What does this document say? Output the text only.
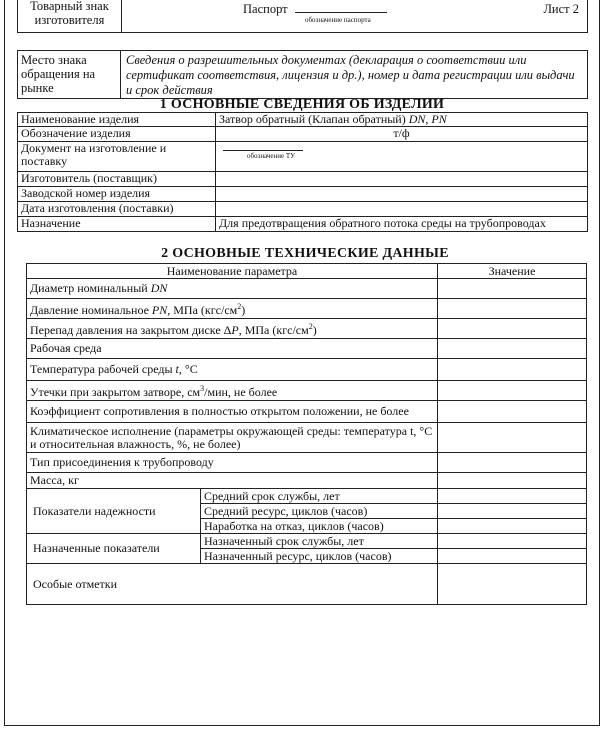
Товарный знак изготовителя	
Паспорт
обозначение паспорта
	Лист 2
Место знака обращения на рынке	Сведения о разрешительных документах (декларация о соответствии или сертификат соответствия, лицензия и др.), номер и дата регистрации или выдачи и срок действия
1 ОСНОВНЫЕ СВЕДЕНИЯ ОБ ИЗДЕЛИИ
Наименование изделия	Затвор обратный (Клапан обратный) DN, PN
Обозначение изделия	т/ф
Документ на изготовление и поставку	обозначение ТУ

Изготовитель (поставщик)	
Заводской номер изделия	
Дата изготовления (поставки)	
Назначение	Для предотвращения обратного потока среды на трубопроводах
2 ОСНОВНЫЕ ТЕХНИЧЕСКИЕ ДАННЫЕ
Наименование параметра		Значение
Диаметр номинальный DN		
Давление номинальное PN, МПа $(кгс/см^2)$		
Перепад давления на закрытом диске ΔP, МПа $(кгс/см^2)$		
Рабочая среда		
Температура рабочей среды t, °С		
Утечки при закрытом затворе, $см^3$/мин, не более		
Коэффициент сопротивления в полностью открытом положении, не более		
Климатическое исполнение (параметры окружающей среды: температура t, °С и относительная влажность, %, не более)		
Тип присоединения к трубопроводу		
Масса, кг		
Показатели надежности	Средний срок службы, лет	
	Средний ресурс, циклов (часов)	
	Наработка на отказ, циклов (часов)	
Назначенные показатели	Назначенный срок службы, лет	
	Назначенный ресурс, циклов (часов)	
Особые отметки		
